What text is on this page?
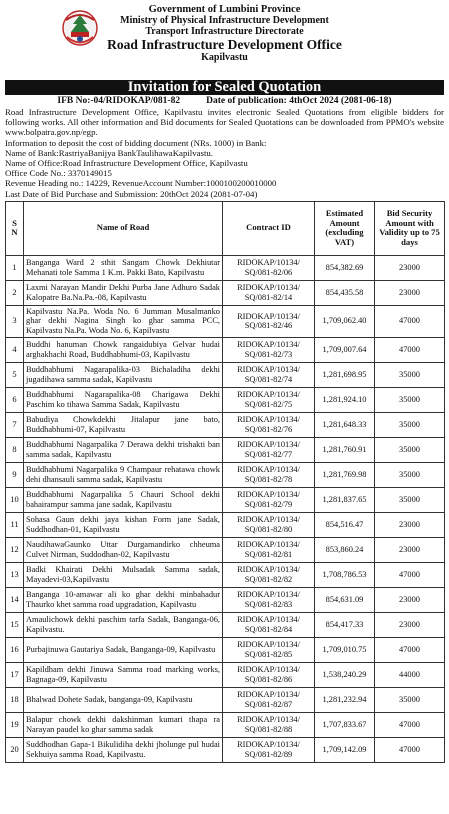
Government of Lumbini Province
Ministry of Physical Infrastructure Development
Transport Infrastructure Directorate
Road Infrastructure Development Office
Kapilvastu
Invitation for Sealed Quotation
IFB No:-04/RIDOKAP/081-82	Date of publication: 4thOct 2024 (2081-06-18)

Road Infrastructure Development Office, Kapilvastu invites electronic Sealed Quotations from eligible bidders for following works. All other information and Bid documents for Sealed Quotations can be downloaded from PPMO's website www.bolpatra.gov.np/egp.

Information to deposit the cost of bidding document (NRs. 1000) in Bank:

Name of Bank:RastriyaBanijya BankTaulihawaKapilvastu.

Name of Office:Road Infrastructure Development Office, Kapilvastu

Office Code No.: 3370149015

Revenue Heading no.: 14229, RevenueAccount Number:1000100200010000

Last Date of Bid Purchase and Submission: 20thOct 2024 (2081-07-04)

S N	Name of Road	Contract ID	Estimated Amount (excluding VAT)	Bid Security Amount with Validity up to 75 days
1	Banganga Ward 2 sthit Sangam Chowk Dekhiutar Mehanati tole Samma 1 K.m. Pakki Bato, Kapilvastu	RIDOKAP/10134/ SQ/081-82/06	854,382.69	23000
2	Laxmi Narayan Mandir Dekhi Purba Jane Adhuro Sadak Kalopatre Ba.Na.Pa.-08, Kapilvastu	RIDOKAP/10134/ SQ/081-82/14	854,435.58	23000
3	Kapilvastu Na.Pa. Woda No. 6 Jumman Musalmanko ghar dekhi Nagina Singh ko ghar samma PCC, Kapilvastu Na.Pa. Woda No. 6, Kapilvastu	RIDOKAP/10134/ SQ/081-82/46	1,709,062.40	47000
4	Buddhi hanuman Chowk rangaidubiya Gelvar hudai arghakhachi Road, Buddhabhumi-03, Kapilvastu	RIDOKAP/10134/ SQ/081-82/73	1,709,007.64	47000
5	Buddhabhumi Nagarapalika-03 Bichaladiha dekhi jugadihawa samma sadak, Kapilvastu	RIDOKAP/10134/ SQ/081-82/74	1,281,698.95	35000
6	Buddhabhumi Nagarapalika-08 Charigawa Dekhi Paschim ko tihawa Samma Sadak, Kapilvastu	RIDOKAP/10134/ SQ/081-82/75	1,281,924.10	35000
7	Babudiya Chowkdekhi Jitalapur jane bato, Buddhabhumi-07, Kapilvastu	RIDOKAP/10134/ SQ/081-82/76	1,281,648.33	35000
8	Buddhabhumi Nagarpalika 7 Derawa dekhi trishakti ban samma sadak, Kapilvastu	RIDOKAP/10134/ SQ/081-82/77	1,281,760.91	35000
9	Buddhabhumi Nagarpalika 9 Champaur rehatawa chowk dehi dhansauli samma sadak, Kapilvastu	RIDOKAP/10134/ SQ/081-82/78	1,281,769.98	35000
10	Buddhabhumi Nagarpalika 5 Chauri School dekhi bahairampur samma jane sadak, Kapilvastu	RIDOKAP/10134/ SQ/081-82/79	1,281,837.65	35000
11	Sohasa Gaun dekhi jaya kishan Form jane Sadak, Suddhodhan-01, Kapilvastu	RIDOKAP/10134/ SQ/081-82/80	854,516.47	23000
12	NaudihawaGaunko Uttar Durgamandirko chheuma Culvet Nirman, Suddodhan-02, Kapilvastu	RIDOKAP/10134/ SQ/081-82/81	853,860.24	23000
13	Badki Khairati Dekhi Mulsadak Samma sadak, Mayadevi-03,Kapilvastu	RIDOKAP/10134/ SQ/081-82/82	1,708,786.53	47000
14	Banganga 10-amawar ali ko ghar dekhi minbahadur Thaurko khet samma road upgradation, Kapilvastu	RIDOKAP/10134/ SQ/081-82/83	854,631.09	23000
15	Amaulichowk dekhi paschim tarfa Sadak, Banganga-06, Kapilvastu.	RIDOKAP/10134/ SQ/081-82/84	854,417.33	23000
16	Purbajinuwa Gautariya Sadak, Banganga-09, Kapilvastu	RIDOKAP/10134/ SQ/081-82/85	1,709,010.75	47000
17	Kapildham dekhi Jinuwa Samma road marking works, Bagnaga-09, Kapilvastu	RIDOKAP/10134/ SQ/081-82/86	1,538,240.29	44000
18	Bhalwad Dohete Sadak, banganga-09, Kapilvastu	RIDOKAP/10134/ SQ/081-82/87	1,281,232.94	35000
19	Balapur chowk dekhi dakshinman kumari thapa ra Narayan paudel ko ghar samma sadak	RIDOKAP/10134/ SQ/081-82/88	1,707,833.67	47000
20	Suddhodhan Gapa-1 Bikulidiha dekhi jholunge pul hudai Sekhuiya samma Road, Kapilvastu.	RIDOKAP/10134/ SQ/081-82/89	1,709,142.09	47000
